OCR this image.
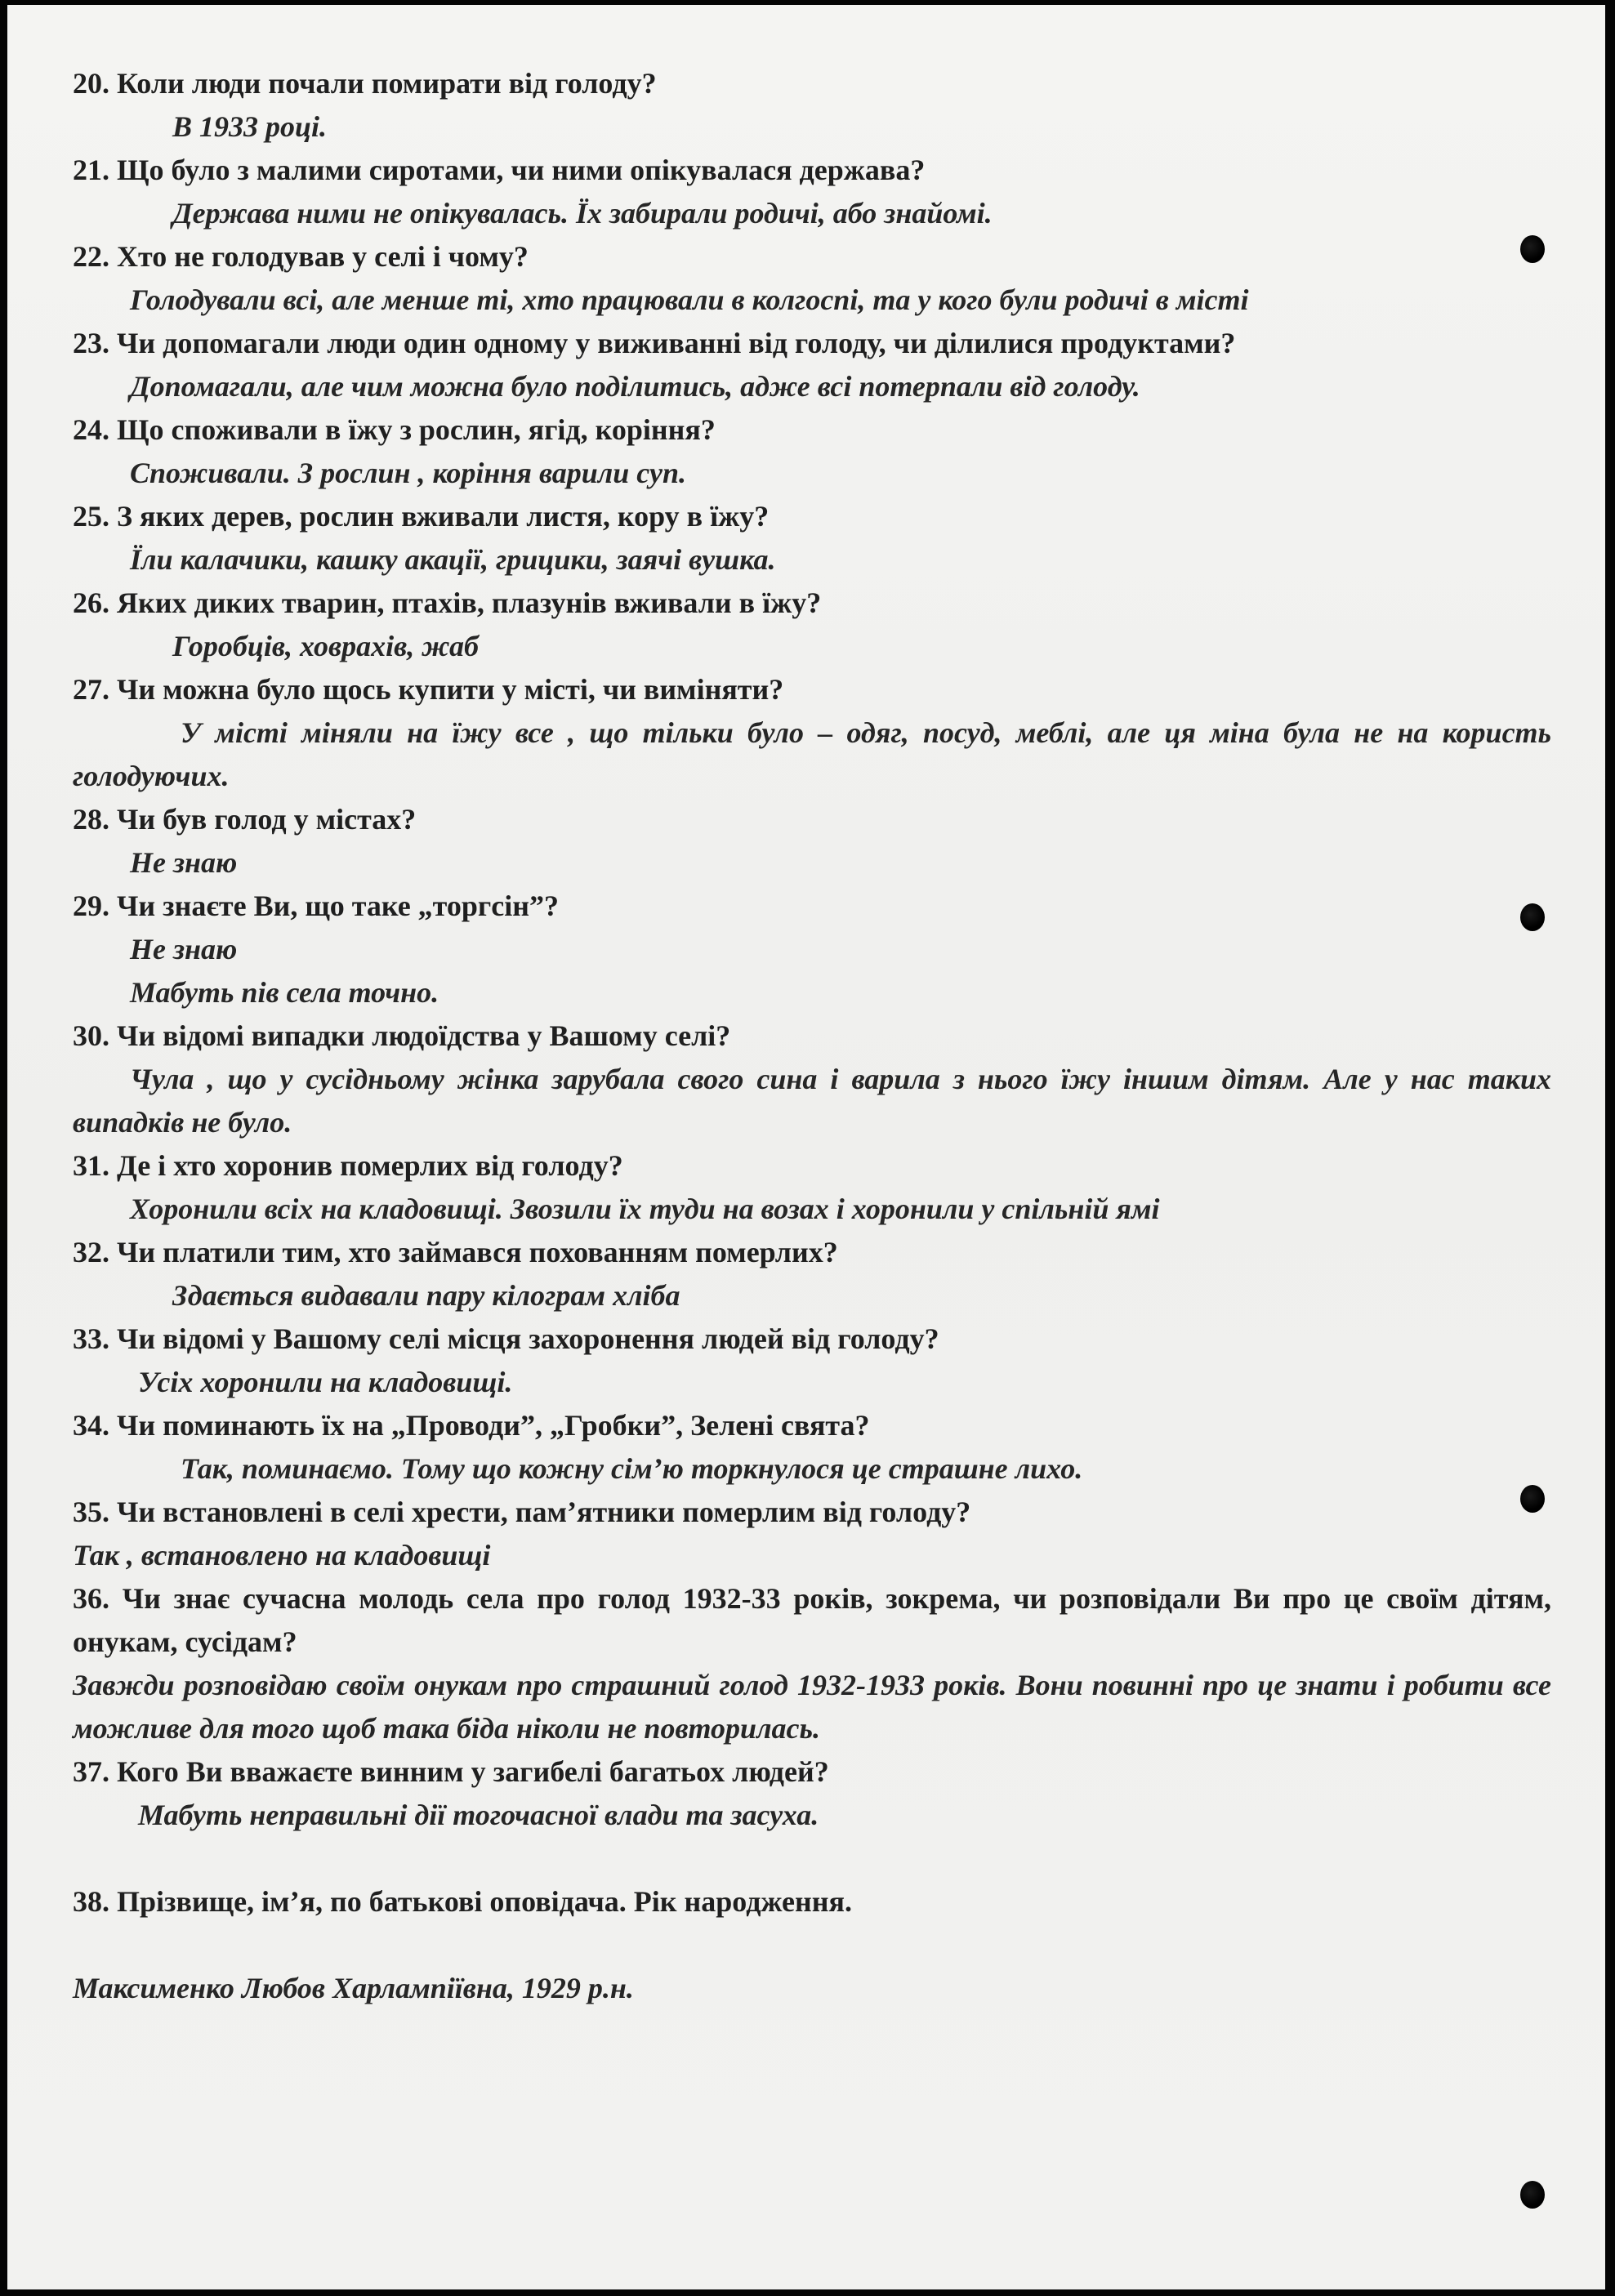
20. Коли люди почали помирати від голоду?

В 1933 році.

21. Що було з малими сиротами, чи ними опікувалася держава?

Держава ними не опікувалась. Їх забирали родичі, або знайомі.

22. Хто не голодував у селі і чому?

Голодували всі, але менше ті, хто працювали в колгоспі, та у кого були родичі в місті

23. Чи допомагали люди один одному у виживанні від голоду, чи ділилися продуктами?

Допомагали, але чим можна було поділитись, адже всі потерпали від голоду.

24. Що споживали в їжу з рослин, ягід, коріння?

Споживали. З рослин , коріння варили суп.

25. З яких дерев, рослин вживали листя, кору в їжу?

Їли калачики, кашку акації, грицики, заячі вушка.

26. Яких диких тварин, птахів, плазунів вживали в їжу?

Горобців, ховрахів, жаб

27. Чи можна було щось купити у місті, чи виміняти?

У місті міняли на їжу все , що тільки було – одяг, посуд, меблі, але ця міна була не на користь голодуючих.

28. Чи був голод у містах?

Не знаю

29. Чи знаєте Ви, що таке „торгсін”?

Не знаю

Мабуть пів села точно.

30. Чи відомі випадки людоїдства у Вашому селі?

Чула , що у сусідньому жінка зарубала свого сина і варила з нього їжу іншим дітям. Але у нас таких випадків не було.

31. Де і хто хоронив померлих від голоду?

Хоронили всіх на кладовищі. Звозили їх туди на возах і хоронили у спільній ямі

32. Чи платили тим, хто займався похованням померлих?

Здається видавали пару кілограм хліба

33. Чи відомі у Вашому селі місця захоронення людей від голоду?

Усіх хоронили на кладовищі.

34. Чи поминають їх на „Проводи”, „Гробки”, Зелені свята?

Так, поминаємо. Тому що кожну сім’ю торкнулося це страшне лихо.

35. Чи встановлені в селі хрести, пам’ятники померлим від голоду?

Так , встановлено на кладовищі

36. Чи знає сучасна молодь села про голод 1932-33 років, зокрема, чи розповідали Ви про це своїм дітям, онукам, сусідам?

Завжди розповідаю своїм онукам про страшний голод 1932-1933 років. Вони повинні про це знати і робити все можливе для того щоб така біда ніколи не повторилась.

37. Кого Ви вважаєте винним у загибелі багатьох людей?

Мабуть неправильні дії тогочасної влади та засуха.

38. Прізвище, ім’я, по батькові оповідача. Рік народження.

Максименко Любов Харлампіївна, 1929 р.н.
